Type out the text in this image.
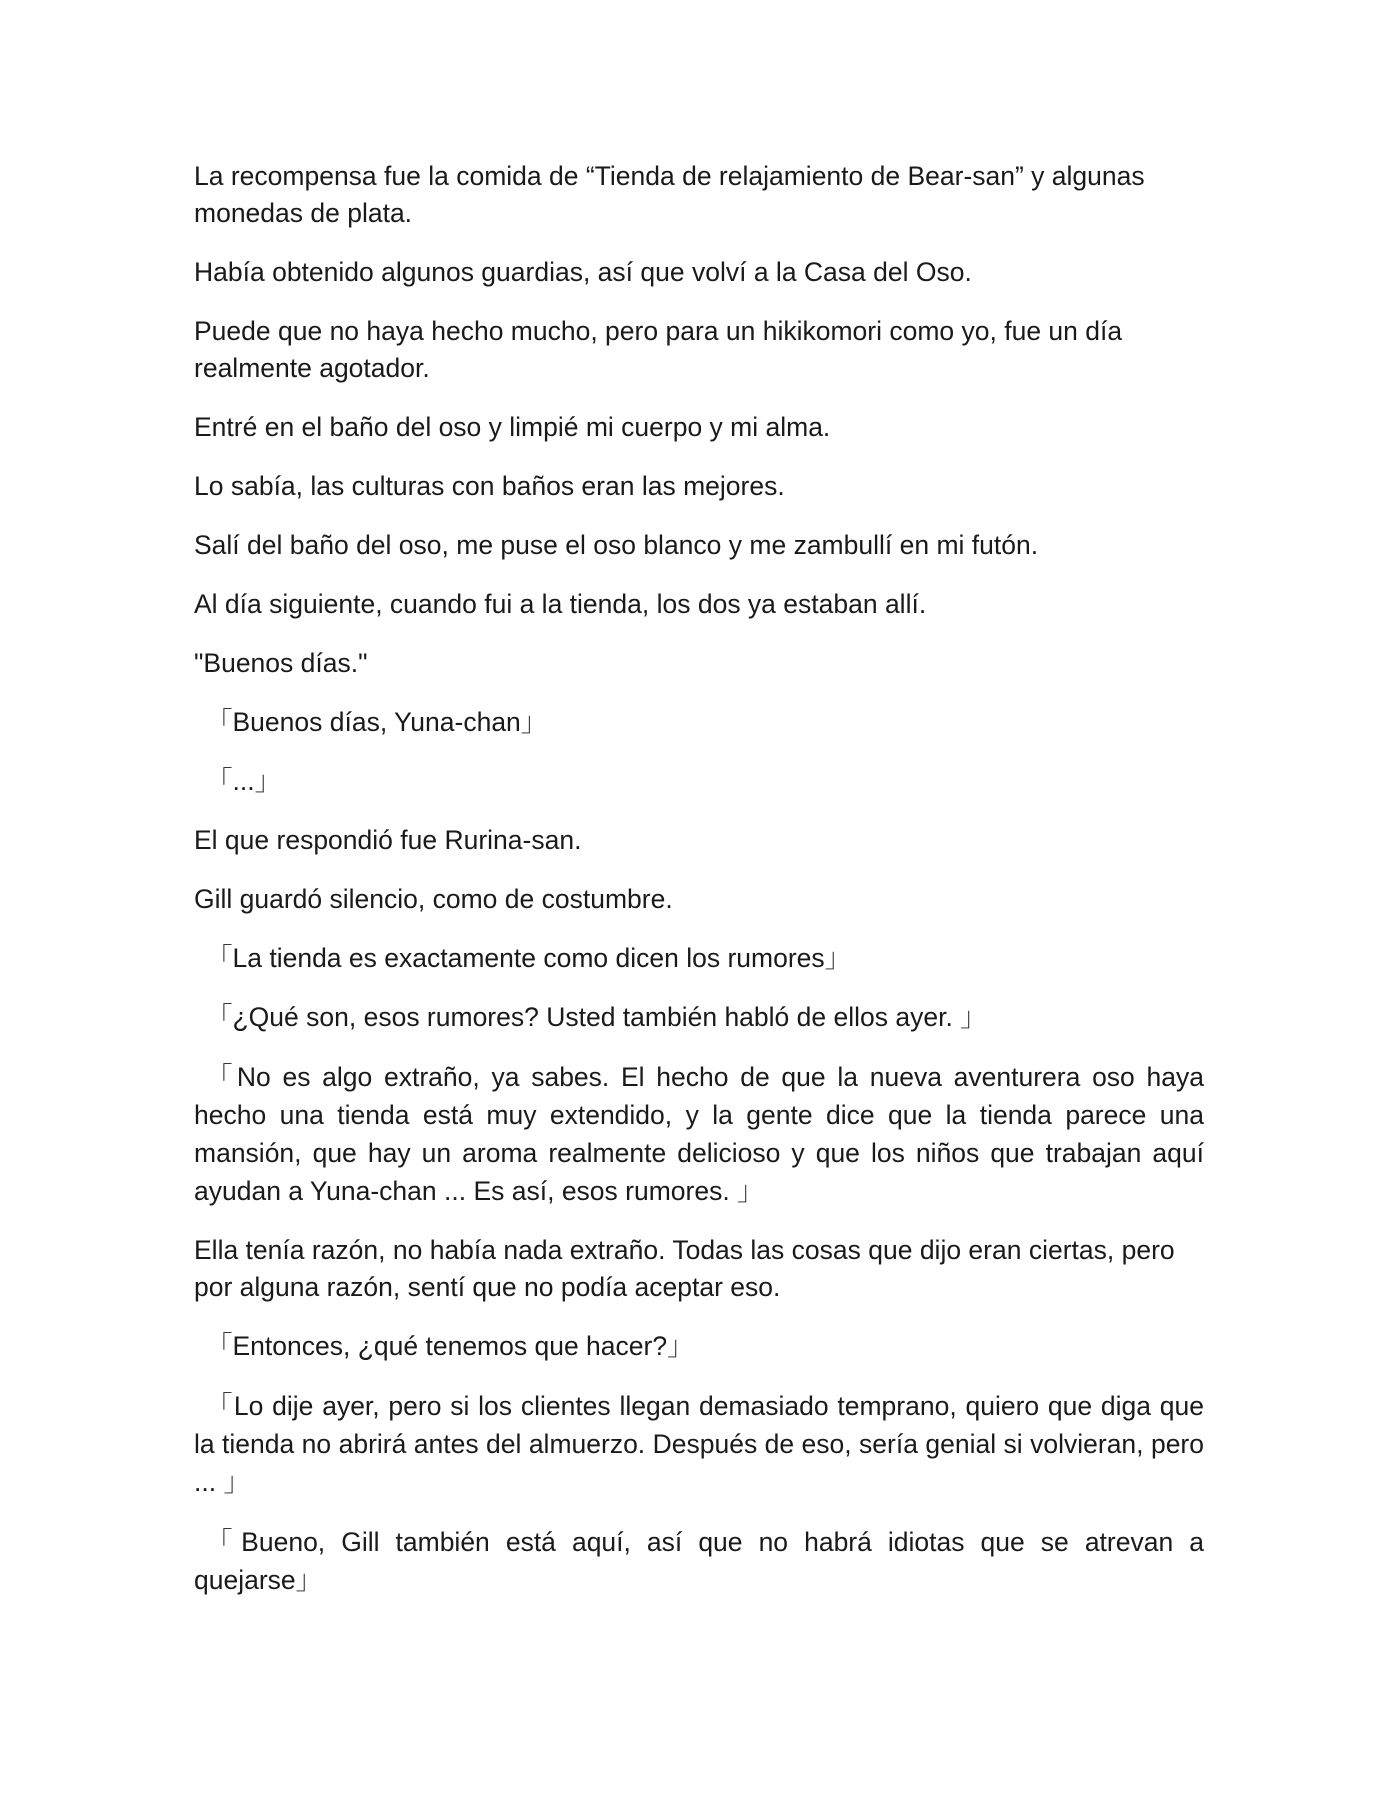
La recompensa fue la comida de “Tienda de relajamiento de Bear-san” y algunas monedas de plata.

Había obtenido algunos guardias, así que volví a la Casa del Oso.

Puede que no haya hecho mucho, pero para un hikikomori como yo, fue un día realmente agotador.

Entré en el baño del oso y limpié mi cuerpo y mi alma.

Lo sabía, las culturas con baños eran las mejores.

Salí del baño del oso, me puse el oso blanco y me zambullí en mi futón.

Al día siguiente, cuando fui a la tienda, los dos ya estaban allí.

"Buenos días."

「Buenos días, Yuna-chan」

「...」

El que respondió fue Rurina-san.

Gill guardó silencio, como de costumbre.

「La tienda es exactamente como dicen los rumores」

「¿Qué son, esos rumores? Usted también habló de ellos ayer. 」

「No es algo extraño, ya sabes. El hecho de que la nueva aventurera oso haya hecho una tienda está muy extendido, y la gente dice que la tienda parece una mansión, que hay un aroma realmente delicioso y que los niños que trabajan aquí ayudan a Yuna-chan ... Es así, esos rumores. 」

Ella tenía razón, no había nada extraño. Todas las cosas que dijo eran ciertas, pero por alguna razón, sentí que no podía aceptar eso.

「Entonces, ¿qué tenemos que hacer?」

「Lo dije ayer, pero si los clientes llegan demasiado temprano, quiero que diga que la tienda no abrirá antes del almuerzo. Después de eso, sería genial si volvieran, pero ... 」

「Bueno, Gill también está aquí, así que no habrá idiotas que se atrevan a quejarse」
